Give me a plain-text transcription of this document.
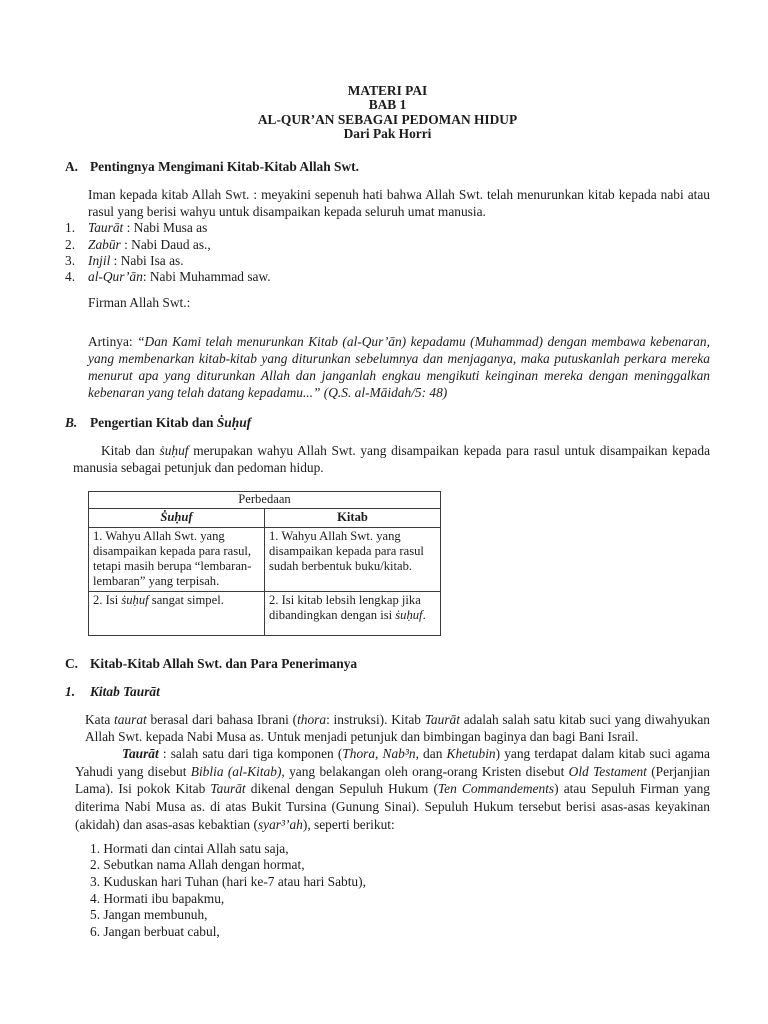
MATERI PAI
BAB 1
AL-QUR’AN SEBAGAI PEDOMAN HIDUP
Dari Pak Horri
A. Pentingnya Mengimani Kitab-Kitab Allah Swt.

Iman kepada kitab Allah Swt. : meyakini sepenuh hati bahwa Allah Swt. telah menurunkan kitab kepada nabi atau rasul yang berisi wahyu untuk disampaikan kepada seluruh umat manusia.

1. Taurāt : Nabi Musa as
2. Zabūr : Nabi Daud as.,
3. Injil : Nabi Isa as.
4. al-Qur’ān: Nabi Muhammad saw.

Firman Allah Swt.:

Artinya: “Dan Kami telah menurunkan Kitab (al-Qur’ān) kepadamu (Muhammad) dengan membawa kebenaran, yang membenarkan kitab-kitab yang diturunkan sebelumnya dan menjaganya, maka putuskanlah perkara mereka menurut apa yang diturunkan Allah dan janganlah engkau mengikuti keinginan mereka dengan meninggalkan kebenaran yang telah datang kepadamu...” (Q.S. al-Māidah/5: 48)

B. Pengertian Kitab dan Ṡuḥuf

Kitab dan ṡuḥuf merupakan wahyu Allah Swt. yang disampaikan kepada para rasul untuk disampaikan kepada manusia sebagai petunjuk dan pedoman hidup.

Perbedaan	
Ṡuḥuf	Kitab
1. Wahyu Allah Swt. yang disampaikan kepada para rasul, tetapi masih berupa “lembaran-lembaran” yang terpisah.	1. Wahyu Allah Swt. yang disampaikan kepada para rasul sudah berbentuk buku/kitab.
2. Isi ṡuḥuf sangat simpel.	2. Isi kitab lebsih lengkap jika dibandingkan dengan isi ṡuḥuf.
C. Kitab-Kitab Allah Swt. dan Para Penerimanya
1.	Kitab Taurāt

Kata taurat berasal dari bahasa Ibrani (thora: instruksi). Kitab Taurāt adalah salah satu kitab suci yang diwahyukan Allah Swt. kepada Nabi Musa as. Untuk menjadi petunjuk dan bimbingan baginya dan bagi Bani Israil.

Taurāt : salah satu dari tiga komponen (Thora, Nab³n, dan Khetubin) yang terdapat dalam kitab suci agama Yahudi yang disebut Biblia (al-Kitab), yang belakangan oleh orang-orang Kristen disebut Old Testament (Perjanjian Lama). Isi pokok Kitab Taurāt dikenal dengan Sepuluh Hukum (Ten Commandements) atau Sepuluh Firman yang diterima Nabi Musa as. di atas Bukit Tursina (Gunung Sinai). Sepuluh Hukum tersebut berisi asas-asas keyakinan (akidah) dan asas-asas kebaktian (syar³’ah), seperti berikut:

1. Hormati dan cintai Allah satu saja,
2. Sebutkan nama Allah dengan hormat,
3. Kuduskan hari Tuhan (hari ke-7 atau hari Sabtu),
4. Hormati ibu bapakmu,
5. Jangan membunuh,
6. Jangan berbuat cabul,
